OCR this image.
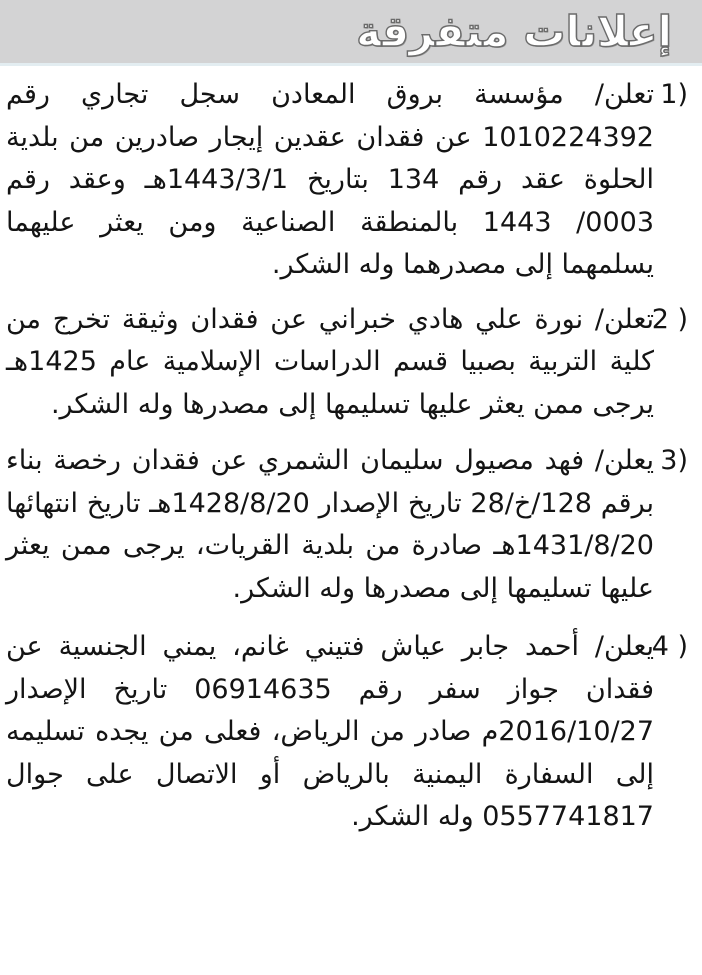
إعلانات متفرقة
1)
تعلن/ مؤسسة بروق المعادن سجل تجاري رقم 1010224392 عن فقدان عقدين إيجار صادرين من بلدية الحلوة عقد رقم 134 بتاريخ 1443/3/1هـ وعقد رقم 0003/ 1443 بالمنطقة الصناعية ومن يعثر عليهما يسلمهما إلى مصدرهما وله الشكر.
2 )
تعلن/ نورة علي هادي خبراني عن فقدان وثيقة تخرج من كلية التربية بصبيا قسم الدراسات الإسلامية عام 1425هـ يرجى ممن يعثر عليها تسليمها إلى مصدرها وله الشكر.
3)
يعلن/ فهد مصيول سليمان الشمري عن فقدان رخصة بناء برقم 128/خ/28 تاريخ الإصدار 1428/8/20هـ تاريخ انتهائها 1431/8/20هـ صادرة من بلدية القريات، يرجى ممن يعثر عليها تسليمها إلى مصدرها وله الشكر.
4 )
يعلن/ أحمد جابر عياش فتيني غانم، يمني الجنسية عن فقدان جواز سفر رقم 06914635 تاريخ الإصدار 2016/10/27م صادر من الرياض، فعلى من يجده تسليمه إلى السفارة اليمنية بالرياض أو الاتصال على جوال 0557741817 وله الشكر.
